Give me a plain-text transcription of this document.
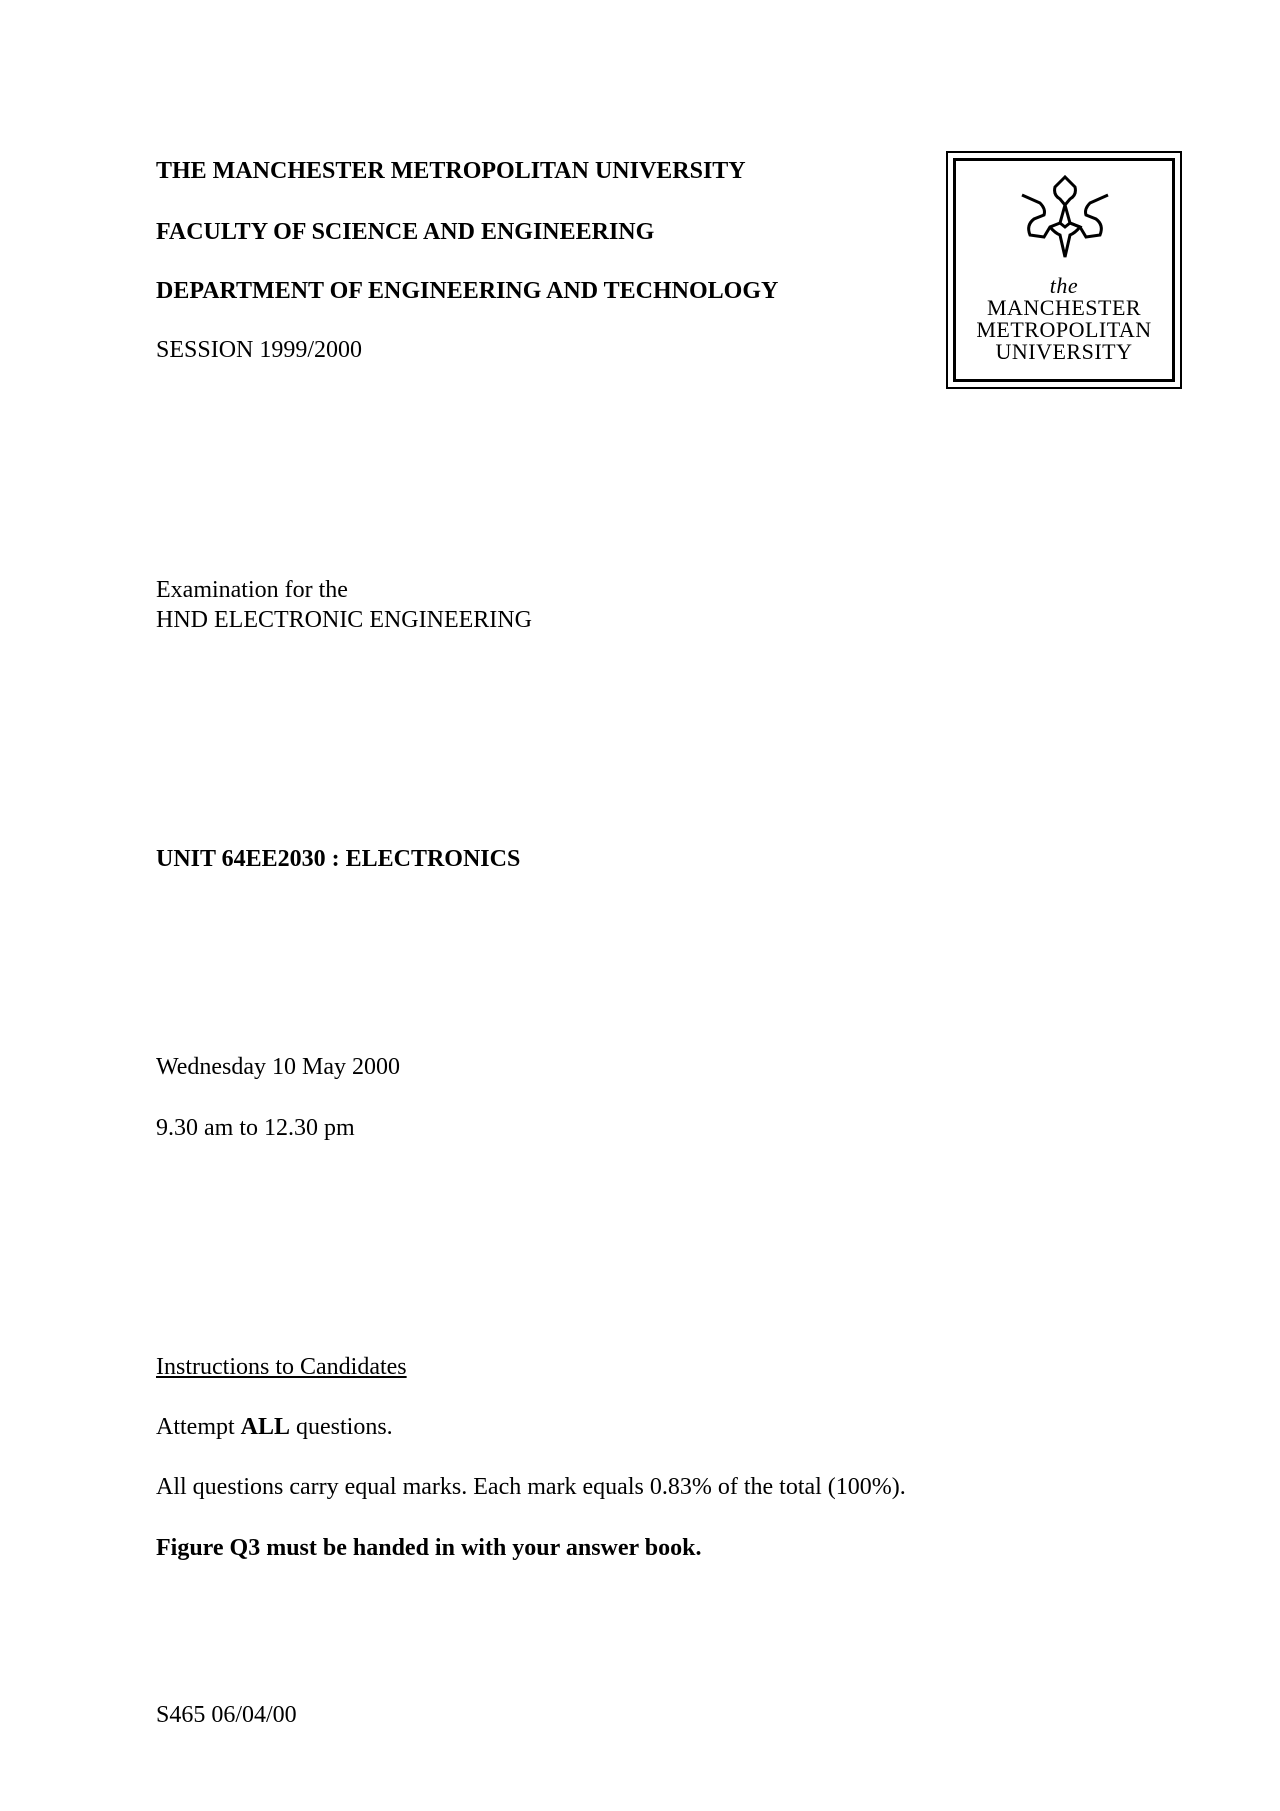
THE MANCHESTER METROPOLITAN UNIVERSITY
FACULTY OF SCIENCE AND ENGINEERING
DEPARTMENT OF ENGINEERING AND TECHNOLOGY
SESSION 1999/2000
the
MANCHESTER
METROPOLITAN
UNIVERSITY
Examination for the
HND ELECTRONIC ENGINEERING
UNIT 64EE2030 : ELECTRONICS
Wednesday 10 May 2000
9.30 am to 12.30 pm
Instructions to Candidates
Attempt ALL questions.
All questions carry equal marks. Each mark equals 0.83% of the total (100%).
Figure Q3 must be handed in with your answer book.
S465 06/04/00
